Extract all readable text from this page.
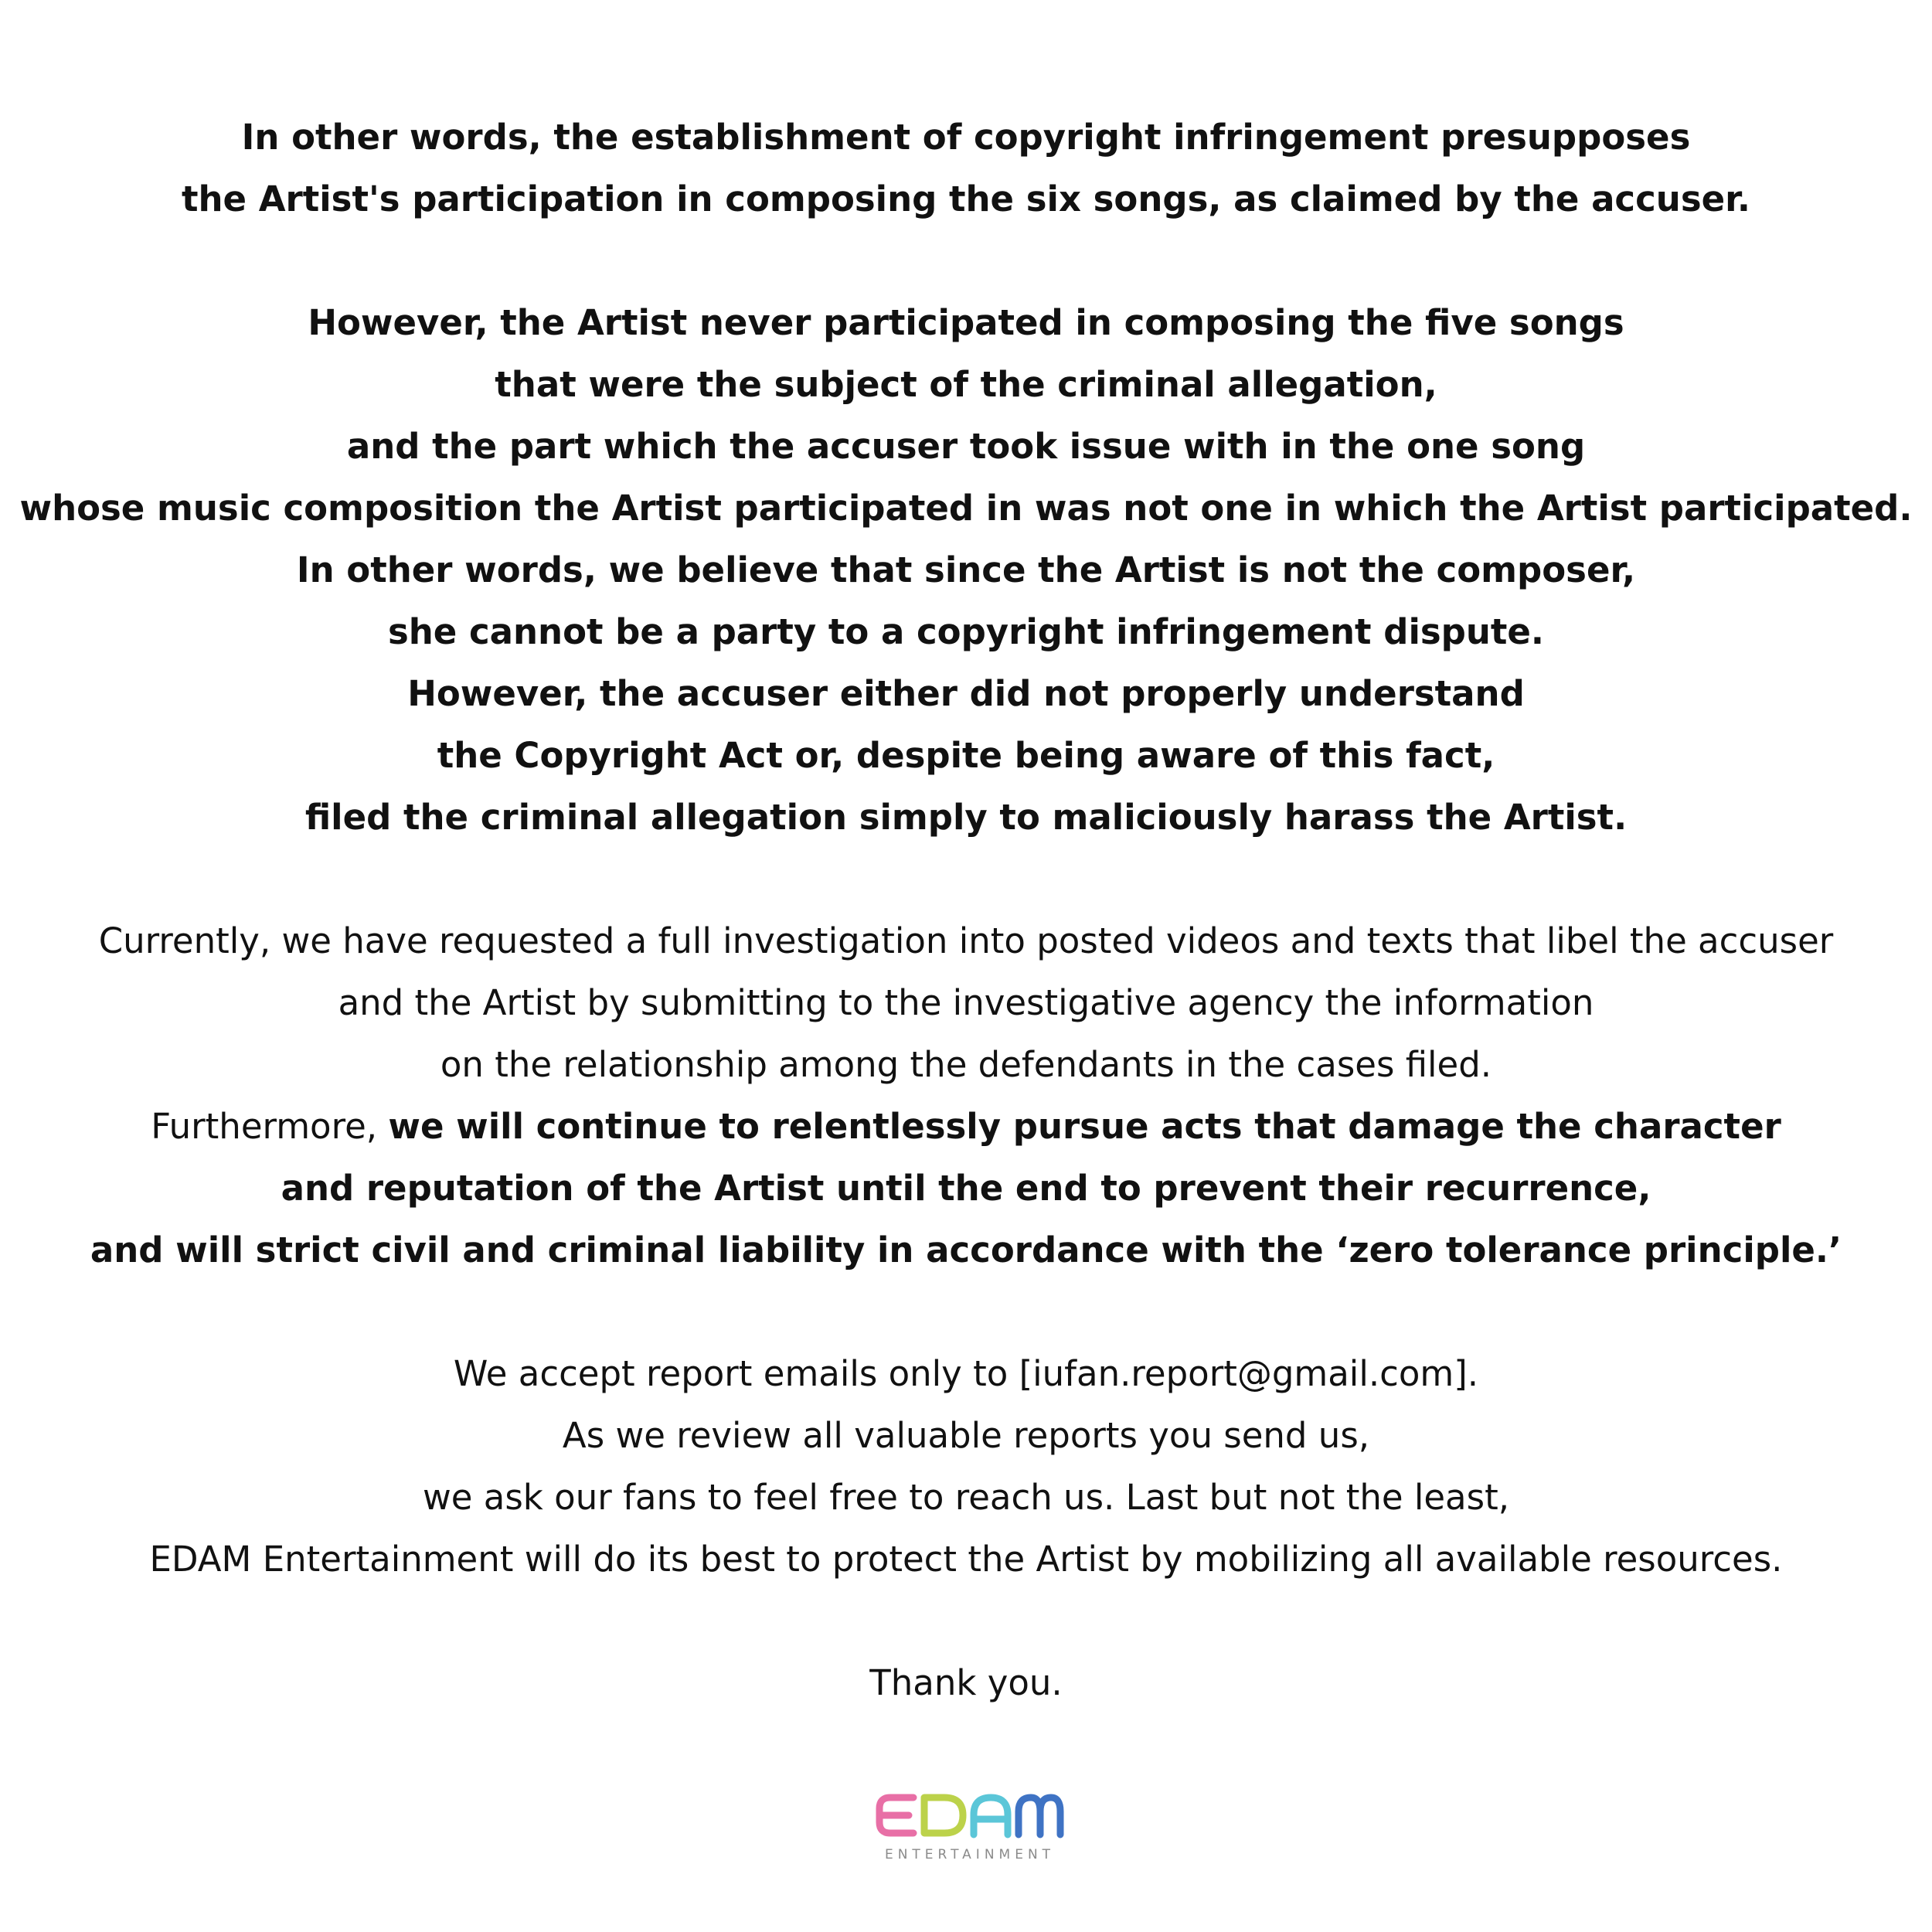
In other words, the establishment of copyright infringement presupposes
the Artist's participation in composing the six songs, as claimed by the accuser.
However, the Artist never participated in composing the five songs
that were the subject of the criminal allegation,
and the part which the accuser took issue with in the one song
whose music composition the Artist participated in was not one in which the Artist participated.
In other words, we believe that since the Artist is not the composer,
she cannot be a party to a copyright infringement dispute.
However, the accuser either did not properly understand
the Copyright Act or, despite being aware of this fact,
filed the criminal allegation simply to maliciously harass the Artist.
Currently, we have requested a full investigation into posted videos and texts that libel the accuser
and the Artist by submitting to the investigative agency the information
on the relationship among the defendants in the cases filed.
Furthermore, we will continue to relentlessly pursue acts that damage the character
and reputation of the Artist until the end to prevent their recurrence,
and will strict civil and criminal liability in accordance with the ‘zero tolerance principle.’
We accept report emails only to [iufan.report@gmail.com].
As we review all valuable reports you send us,
we ask our fans to feel free to reach us. Last but not the least,
EDAM Entertainment will do its best to protect the Artist by mobilizing all available resources.
Thank you.
ENTERTAINMENT
